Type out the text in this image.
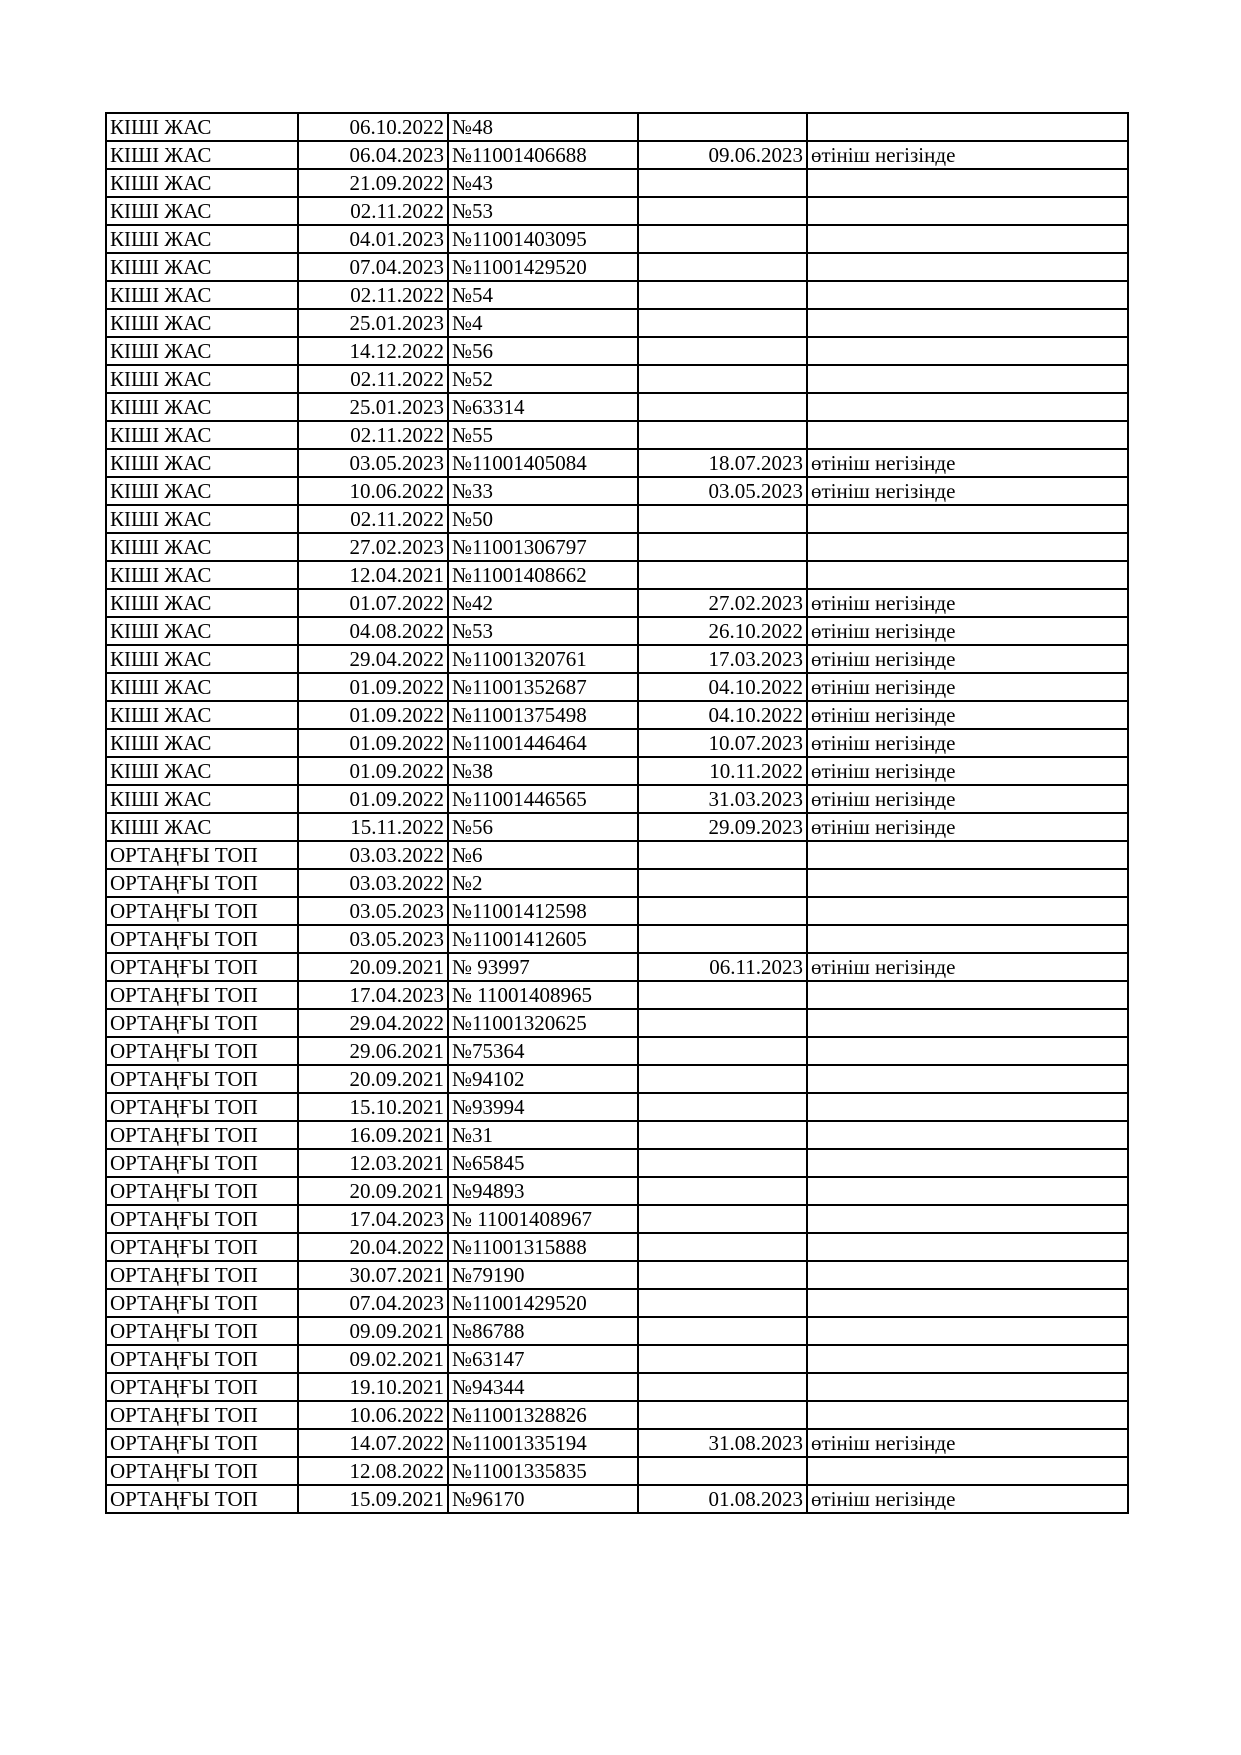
КІШІ ЖАС	06.10.2022	№48		
КІШІ ЖАС	06.04.2023	№11001406688	09.06.2023	өтініш негізінде
КІШІ ЖАС	21.09.2022	№43		
КІШІ ЖАС	02.11.2022	№53		
КІШІ ЖАС	04.01.2023	№11001403095		
КІШІ ЖАС	07.04.2023	№11001429520		
КІШІ ЖАС	02.11.2022	№54		
КІШІ ЖАС	25.01.2023	№4		
КІШІ ЖАС	14.12.2022	№56		
КІШІ ЖАС	02.11.2022	№52		
КІШІ ЖАС	25.01.2023	№63314		
КІШІ ЖАС	02.11.2022	№55		
КІШІ ЖАС	03.05.2023	№11001405084	18.07.2023	өтініш негізінде
КІШІ ЖАС	10.06.2022	№33	03.05.2023	өтініш негізінде
КІШІ ЖАС	02.11.2022	№50		
КІШІ ЖАС	27.02.2023	№11001306797		
КІШІ ЖАС	12.04.2021	№11001408662		
КІШІ ЖАС	01.07.2022	№42	27.02.2023	өтініш негізінде
КІШІ ЖАС	04.08.2022	№53	26.10.2022	өтініш негізінде
КІШІ ЖАС	29.04.2022	№11001320761	17.03.2023	өтініш негізінде
КІШІ ЖАС	01.09.2022	№11001352687	04.10.2022	өтініш негізінде
КІШІ ЖАС	01.09.2022	№11001375498	04.10.2022	өтініш негізінде
КІШІ ЖАС	01.09.2022	№11001446464	10.07.2023	өтініш негізінде
КІШІ ЖАС	01.09.2022	№38	10.11.2022	өтініш негізінде
КІШІ ЖАС	01.09.2022	№11001446565	31.03.2023	өтініш негізінде
КІШІ ЖАС	15.11.2022	№56	29.09.2023	өтініш негізінде
ОРТАҢҒЫ ТОП	03.03.2022	№6		
ОРТАҢҒЫ ТОП	03.03.2022	№2		
ОРТАҢҒЫ ТОП	03.05.2023	№11001412598		
ОРТАҢҒЫ ТОП	03.05.2023	№11001412605		
ОРТАҢҒЫ ТОП	20.09.2021	№ 93997	06.11.2023	өтініш негізінде
ОРТАҢҒЫ ТОП	17.04.2023	№ 11001408965		
ОРТАҢҒЫ ТОП	29.04.2022	№11001320625		
ОРТАҢҒЫ ТОП	29.06.2021	№75364		
ОРТАҢҒЫ ТОП	20.09.2021	№94102		
ОРТАҢҒЫ ТОП	15.10.2021	№93994		
ОРТАҢҒЫ ТОП	16.09.2021	№31		
ОРТАҢҒЫ ТОП	12.03.2021	№65845		
ОРТАҢҒЫ ТОП	20.09.2021	№94893		
ОРТАҢҒЫ ТОП	17.04.2023	№ 11001408967		
ОРТАҢҒЫ ТОП	20.04.2022	№11001315888		
ОРТАҢҒЫ ТОП	30.07.2021	№79190		
ОРТАҢҒЫ ТОП	07.04.2023	№11001429520		
ОРТАҢҒЫ ТОП	09.09.2021	№86788		
ОРТАҢҒЫ ТОП	09.02.2021	№63147		
ОРТАҢҒЫ ТОП	19.10.2021	№94344		
ОРТАҢҒЫ ТОП	10.06.2022	№11001328826		
ОРТАҢҒЫ ТОП	14.07.2022	№11001335194	31.08.2023	өтініш негізінде
ОРТАҢҒЫ ТОП	12.08.2022	№11001335835		
ОРТАҢҒЫ ТОП	15.09.2021	№96170	01.08.2023	өтініш негізінде
